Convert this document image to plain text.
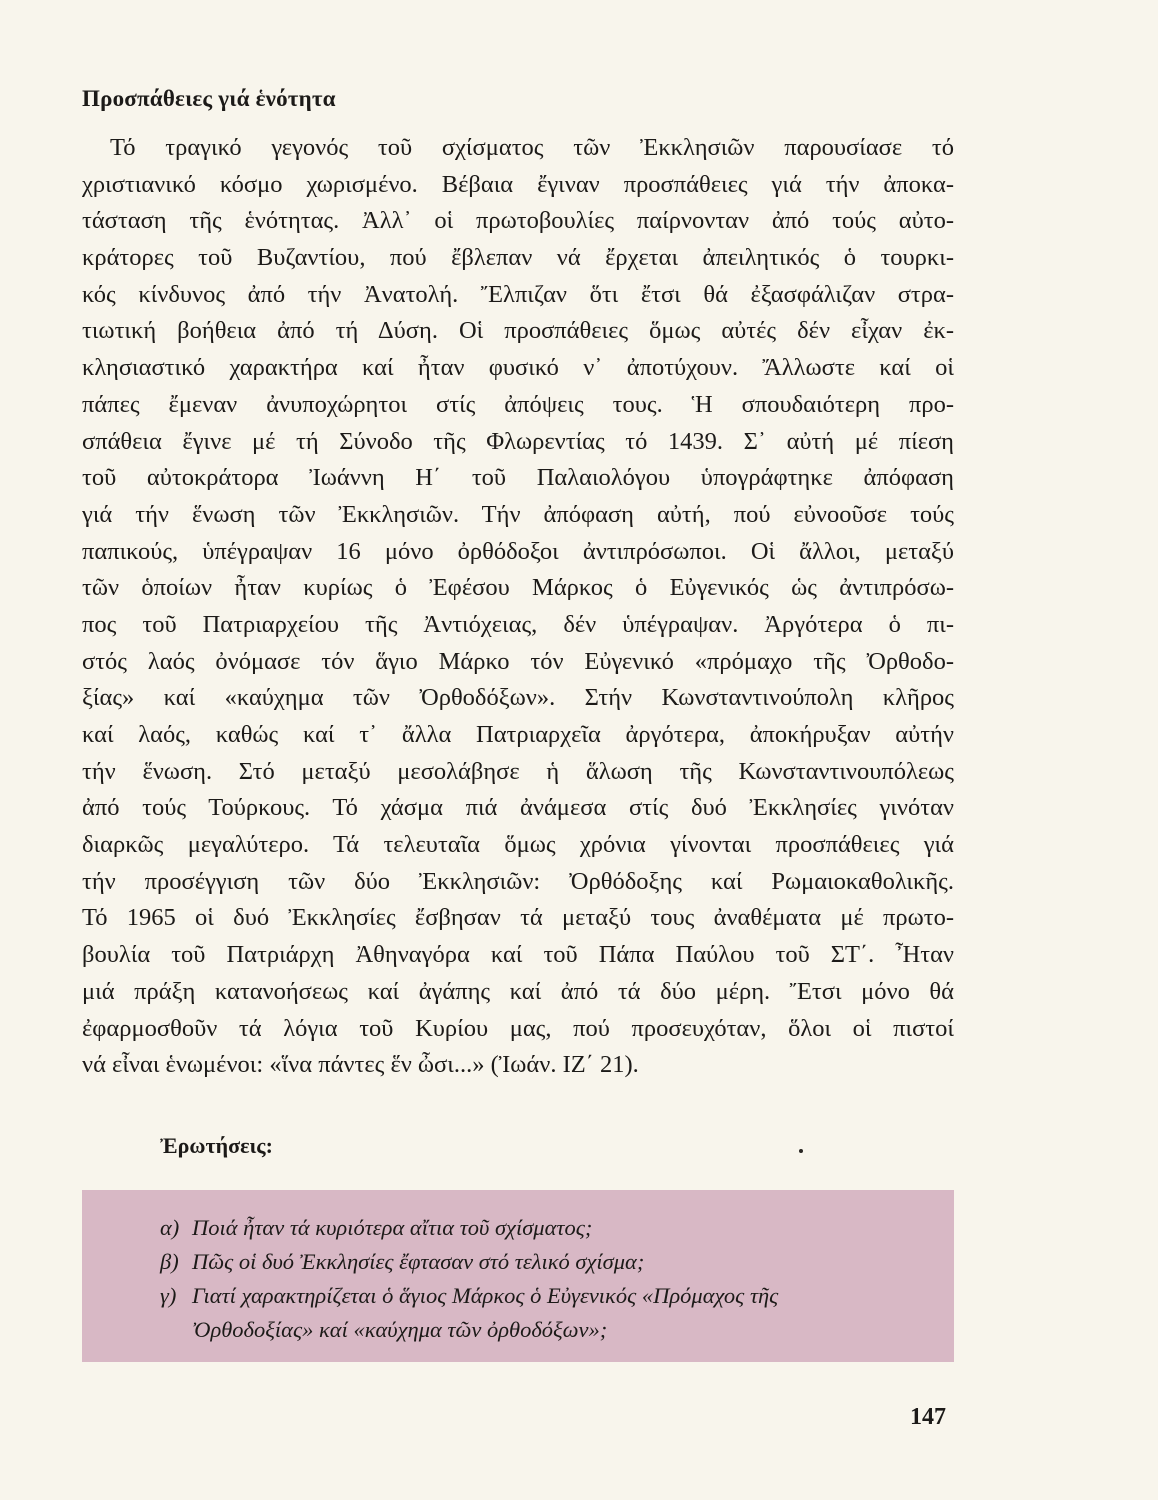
Προσπάθειες γιά ἑνότητα
Τό τραγικό γεγονός τοῦ σχίσματος τῶν Ἐκκλησιῶν παρουσίασε τό
χριστιανικό κόσμο χωρισμένο. Βέβαια ἔγιναν προσπάθειες γιά τήν ἀποκα-
τάσταση τῆς ἑνότητας. Ἀλλ᾽ οἱ πρωτοβουλίες παίρνονταν ἀπό τούς αὐτο-
κράτορες τοῦ Βυζαντίου, πού ἔβλεπαν νά ἔρχεται ἀπειλητικός ὁ τουρκι-
κός κίνδυνος ἀπό τήν Ἀνατολή. Ἔλπιζαν ὅτι ἔτσι θά ἐξασφάλιζαν στρα-
τιωτική βοήθεια ἀπό τή Δύση. Οἱ προσπάθειες ὅμως αὐτές δέν εἶχαν ἐκ-
κλησιαστικό χαρακτήρα καί ἦταν φυσικό ν᾽ ἀποτύχουν. Ἄλλωστε καί οἱ
πάπες ἔμεναν ἀνυποχώρητοι στίς ἀπόψεις τους. Ἡ σπουδαιότερη προ-
σπάθεια ἔγινε μέ τή Σύνοδο τῆς Φλωρεντίας τό 1439. Σ᾽ αὐτή μέ πίεση
τοῦ αὐτοκράτορα Ἰωάννη Η΄ τοῦ Παλαιολόγου ὑπογράφτηκε ἀπόφαση
γιά τήν ἕνωση τῶν Ἐκκλησιῶν. Τήν ἀπόφαση αὐτή, πού εὐνοοῦσε τούς
παπικούς, ὑπέγραψαν 16 μόνο ὀρθόδοξοι ἀντιπρόσωποι. Οἱ ἄλλοι, μεταξύ
τῶν ὁποίων ἦταν κυρίως ὁ Ἐφέσου Μάρκος ὁ Εὐγενικός ὡς ἀντιπρόσω-
πος τοῦ Πατριαρχείου τῆς Ἀντιόχειας, δέν ὑπέγραψαν. Ἀργότερα ὁ πι-
στός λαός ὀνόμασε τόν ἅγιο Μάρκο τόν Εὐγενικό «πρόμαχο τῆς Ὀρθοδο-
ξίας» καί «καύχημα τῶν Ὀρθοδόξων». Στήν Κωνσταντινούπολη κλῆρος
καί λαός, καθώς καί τ᾽ ἄλλα Πατριαρχεῖα ἀργότερα, ἀποκήρυξαν αὐτήν
τήν ἕνωση. Στό μεταξύ μεσολάβησε ἡ ἅλωση τῆς Κωνσταντινουπόλεως
ἀπό τούς Τούρκους. Τό χάσμα πιά ἀνάμεσα στίς δυό Ἐκκλησίες γινόταν
διαρκῶς μεγαλύτερο. Τά τελευταῖα ὅμως χρόνια γίνονται προσπάθειες γιά
τήν προσέγγιση τῶν δύο Ἐκκλησιῶν: Ὀρθόδοξης καί Ρωμαιοκαθολικῆς.
Τό 1965 οἱ δυό Ἐκκλησίες ἔσβησαν τά μεταξύ τους ἀναθέματα μέ πρωτο-
βουλία τοῦ Πατριάρχη Ἀθηναγόρα καί τοῦ Πάπα Παύλου τοῦ ΣΤ΄. Ἦταν
μιά πράξη κατανοήσεως καί ἀγάπης καί ἀπό τά δύο μέρη. Ἔτσι μόνο θά
ἐφαρμοσθοῦν τά λόγια τοῦ Κυρίου μας, πού προσευχόταν, ὅλοι οἱ πιστοί
νά εἶναι ἑνωμένοι: «ἵνα πάντες ἕν ὦσι...» (Ἰωάν. ΙΖ΄ 21).
Ἐρωτήσεις:
α) Ποιά ἦταν τά κυριότερα αἴτια τοῦ σχίσματος;
β) Πῶς οἱ δυό Ἐκκλησίες ἔφτασαν στό τελικό σχίσμα;
γ) Γιατί χαρακτηρίζεται ὁ ἅγιος Μάρκος ὁ Εὐγενικός «Πρόμαχος τῆς
Ὀρθοδοξίας» καί «καύχημα τῶν ὀρθοδόξων»;
147
